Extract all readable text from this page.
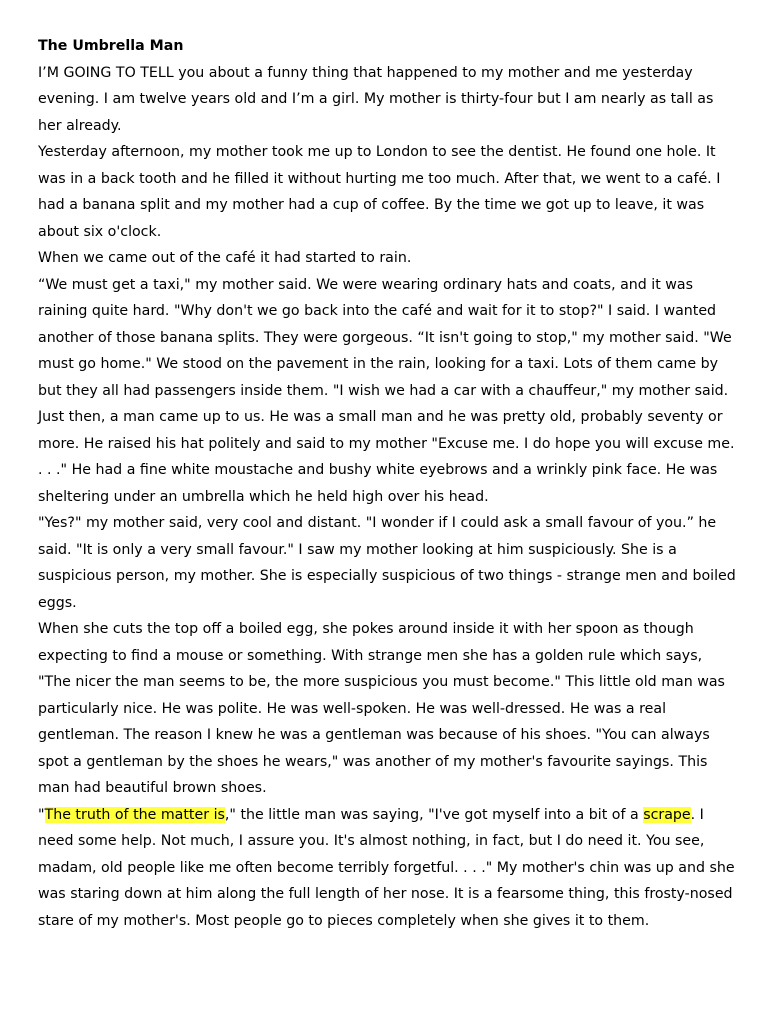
The Umbrella Man

I’M GOING TO TELL you about a funny thing that happened to my mother and me yesterday evening. I am twelve years old and I’m a girl. My mother is thirty-four but I am nearly as tall as her already.

Yesterday afternoon, my mother took me up to London to see the dentist. He found one hole. It was in a back tooth and he filled it without hurting me too much. After that, we went to a café. I had a banana split and my mother had a cup of coffee. By the time we got up to leave, it was about six o'clock.

When we came out of the café it had started to rain.

“We must get a taxi," my mother said. We were wearing ordinary hats and coats, and it was raining quite hard. "Why don't we go back into the café and wait for it to stop?" I said. I wanted another of those banana splits. They were gorgeous. “It isn't going to stop," my mother said. "We must go home." We stood on the pavement in the rain, looking for a taxi. Lots of them came by but they all had passengers inside them. "I wish we had a car with a chauffeur," my mother said. Just then, a man came up to us. He was a small man and he was pretty old, probably seventy or more. He raised his hat politely and said to my mother "Excuse me. I do hope you will excuse me. . . ." He had a fine white moustache and bushy white eyebrows and a wrinkly pink face. He was sheltering under an umbrella which he held high over his head.

"Yes?" my mother said, very cool and distant. "I wonder if I could ask a small favour of you.” he said. "It is only a very small favour." I saw my mother looking at him suspiciously. She is a suspicious person, my mother. She is especially suspicious of two things - strange men and boiled eggs.

When she cuts the top off a boiled egg, she pokes around inside it with her spoon as though expecting to find a mouse or something. With strange men she has a golden rule which says, "The nicer the man seems to be, the more suspicious you must become." This little old man was particularly nice. He was polite. He was well-spoken. He was well-dressed. He was a real gentleman. The reason I knew he was a gentleman was because of his shoes. "You can always spot a gentleman by the shoes he wears," was another of my mother's favourite sayings. This man had beautiful brown shoes.

"The truth of the matter is," the little man was saying, "I've got myself into a bit of a scrape. I need some help. Not much, I assure you. It's almost nothing, in fact, but I do need it. You see, madam, old people like me often become terribly forgetful. . . ." My mother's chin was up and she was staring down at him along the full length of her nose. It is a fearsome thing, this frosty-nosed stare of my mother's. Most people go to pieces completely when she gives it to them.
